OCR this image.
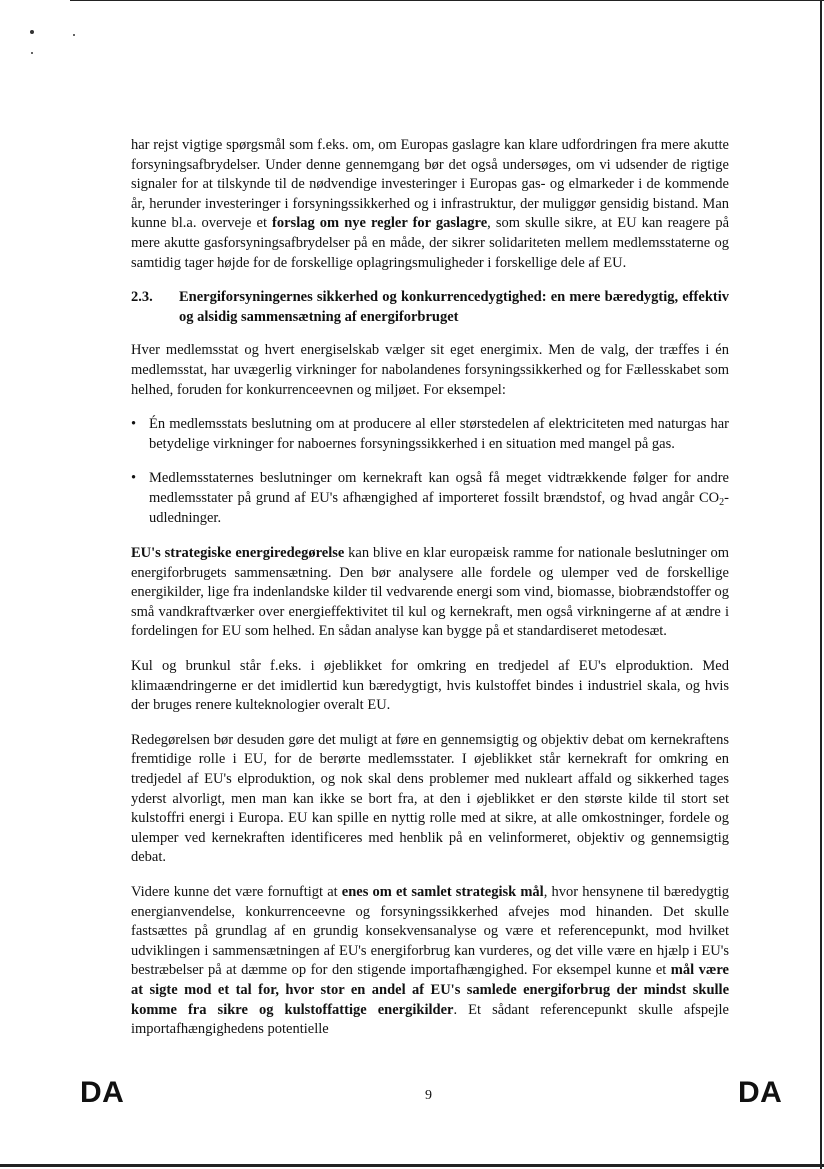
har rejst vigtige spørgsmål som f.eks. om, om Europas gaslagre kan klare udfordringen fra mere akutte forsyningsafbrydelser. Under denne gennemgang bør det også undersøges, om vi udsender de rigtige signaler for at tilskynde til de nødvendige investeringer i Europas gas- og elmarkeder i de kommende år, herunder investeringer i forsyningssikkerhed og i infrastruktur, der muliggør gensidig bistand. Man kunne bl.a. overveje et forslag om nye regler for gaslagre, som skulle sikre, at EU kan reagere på mere akutte gasforsyningsafbrydelser på en måde, der sikrer solidariteten mellem medlemsstaterne og samtidig tager højde for de forskellige oplagringsmuligheder i forskellige dele af EU.

2.3.	Energiforsyningernes sikkerhed og konkurrencedygtighed: en mere bæredygtig, effektiv og alsidig sammensætning af energiforbruget

Hver medlemsstat og hvert energiselskab vælger sit eget energimix. Men de valg, der træffes i én medlemsstat, har uvægerlig virkninger for nabolandenes forsyningssikkerhed og for Fællesskabet som helhed, foruden for konkurrenceevnen og miljøet. For eksempel:

• Én medlemsstats beslutning om at producere al eller størstedelen af elektriciteten med naturgas har betydelige virkninger for naboernes forsyningssikkerhed i en situation med mangel på gas.
• Medlemsstaternes beslutninger om kernekraft kan også få meget vidtrækkende følger for andre medlemsstater på grund af EU's afhængighed af importeret fossilt brændstof, og hvad angår $CO_2$-udledninger.

EU's strategiske energiredegørelse kan blive en klar europæisk ramme for nationale beslutninger om energiforbrugets sammensætning. Den bør analysere alle fordele og ulemper ved de forskellige energikilder, lige fra indenlandske kilder til vedvarende energi som vind, biomasse, biobrændstoffer og små vandkraftværker over energieffektivitet til kul og kernekraft, men også virkningerne af at ændre i fordelingen for EU som helhed. En sådan analyse kan bygge på et standardiseret metodesæt.

Kul og brunkul står f.eks. i øjeblikket for omkring en tredjedel af EU's elproduktion. Med klimaændringerne er det imidlertid kun bæredygtigt, hvis kulstoffet bindes i industriel skala, og hvis der bruges renere kulteknologier overalt EU.

Redegørelsen bør desuden gøre det muligt at føre en gennemsigtig og objektiv debat om kernekraftens fremtidige rolle i EU, for de berørte medlemsstater. I øjeblikket står kernekraft for omkring en tredjedel af EU's elproduktion, og nok skal dens problemer med nukleart affald og sikkerhed tages yderst alvorligt, men man kan ikke se bort fra, at den i øjeblikket er den største kilde til stort set kulstoffri energi i Europa. EU kan spille en nyttig rolle med at sikre, at alle omkostninger, fordele og ulemper ved kernekraften identificeres med henblik på en velinformeret, objektiv og gennemsigtig debat.

Videre kunne det være fornuftigt at enes om et samlet strategisk mål, hvor hensynene til bæredygtig energianvendelse, konkurrenceevne og forsyningssikkerhed afvejes mod hinanden. Det skulle fastsættes på grundlag af en grundig konsekvensanalyse og være et referencepunkt, mod hvilket udviklingen i sammensætningen af EU's energiforbrug kan vurderes, og det ville være en hjælp i EU's bestræbelser på at dæmme op for den stigende importafhængighed. For eksempel kunne et mål være at sigte mod et tal for, hvor stor en andel af EU's samlede energiforbrug der mindst skulle komme fra sikre og kulstoffattige energikilder. Et sådant referencepunkt skulle afspejle importafhængighedens potentielle

DA	9	DA
